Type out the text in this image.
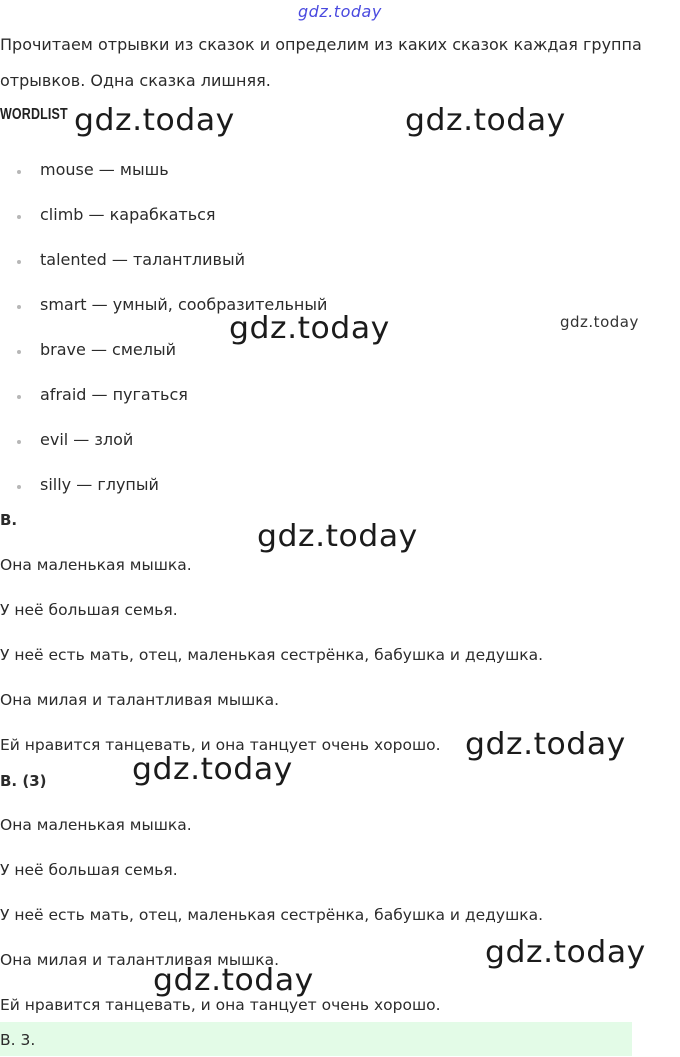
gdz.today
Прочитаем отрывки из сказок и определим из каких сказок каждая группа
отрывков. Одна сказка лишняя.
WORDLIST
mouse — мышь
climb — карабкаться
talented — талантливый
smart — умный, сообразительный
brave — смелый
afraid — пугаться
evil — злой
silly — глупый
B.
Она маленькая мышка.
У неё большая семья.
У неё есть мать, отец, маленькая сестрёнка, бабушка и дедушка.
Она милая и талантливая мышка.
Ей нравится танцевать, и она танцует очень хорошо.
B. (3)
Она маленькая мышка.
У неё большая семья.
У неё есть мать, отец, маленькая сестрёнка, бабушка и дедушка.
Она милая и талантливая мышка.
Ей нравится танцевать, и она танцует очень хорошо.
B. 3.
gdz.today	gdz.today
gdz.today	gdz.today
gdz.today
gdz.today
gdz.today
gdz.today
gdz.today
